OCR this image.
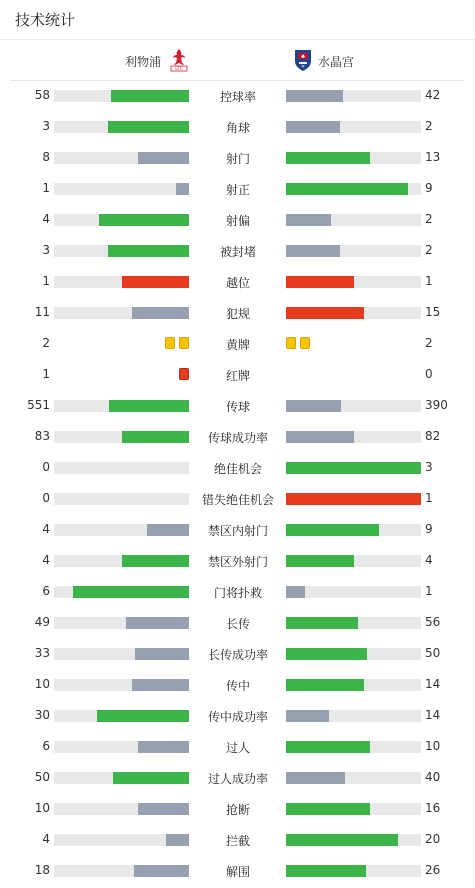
技术统计
利物浦	LFC	水晶宫
58	控球率	42
3	角球	2
8	射门	13
1	射正	9
4	射偏	2
3	被封堵	2
1	越位	1
11	犯规	15
2	黄牌	2
1	红牌	0
551	传球	390
83	传球成功率	82
0	绝佳机会	3
0	错失绝佳机会	1
4	禁区内射门	9
4	禁区外射门	4
6	门将扑救	1
49	长传	56
33	长传成功率	50
10	传中	14
30	传中成功率	14
6	过人	10
50	过人成功率	40
10	抢断	16
4	拦截	20
18	解围	26
